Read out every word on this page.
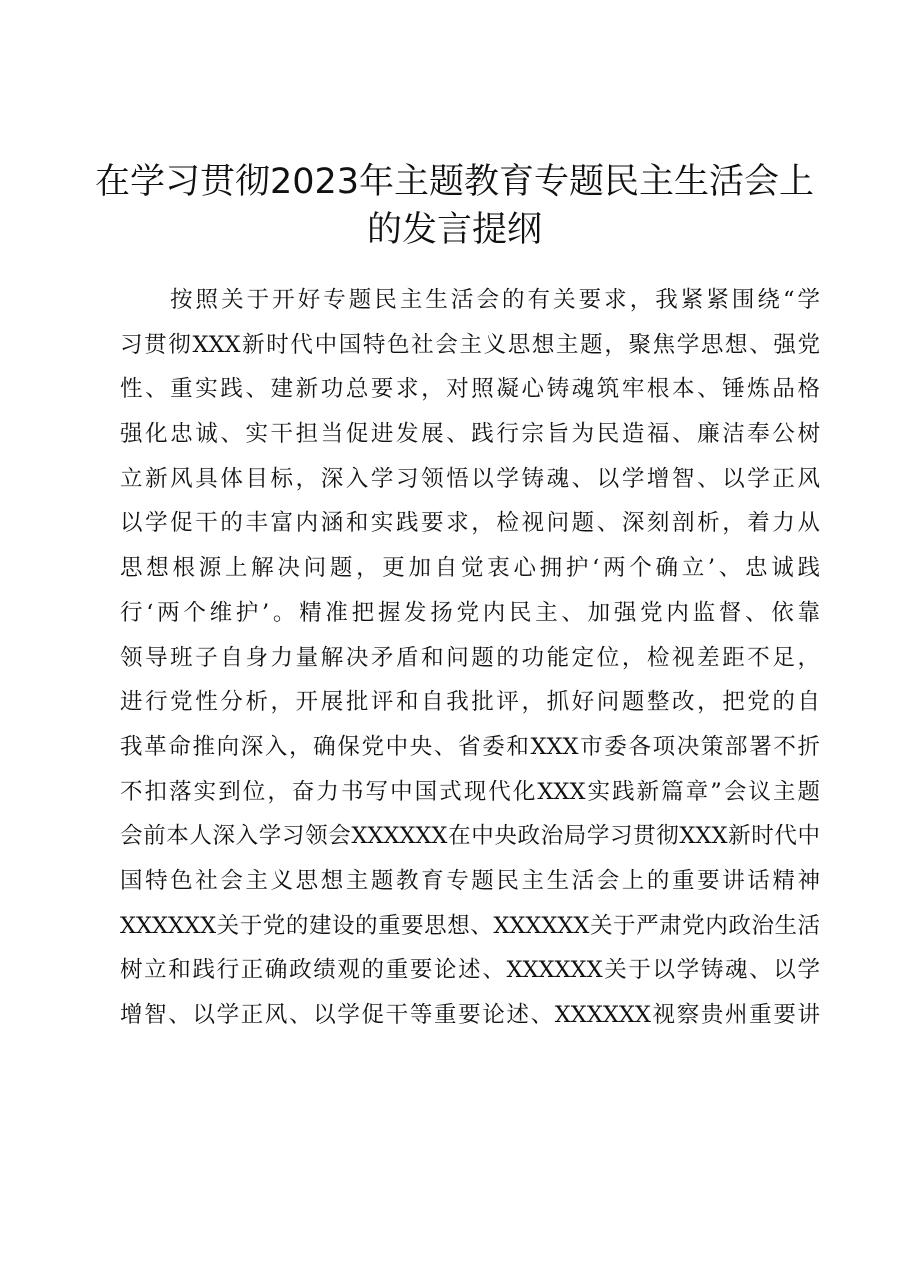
在学习贯彻2023年主题教育专题民主生活会上
的发言提纲
按照关于开好专题民主生活会的有关要求，我紧紧围绕“学
习贯彻XXX新时代中国特色社会主义思想主题，聚焦学思想、强党
性、重实践、建新功总要求，对照凝心铸魂筑牢根本、锤炼品格
强化忠诚、实干担当促进发展、践行宗旨为民造福、廉洁奉公树
立新风具体目标，深入学习领悟以学铸魂、以学增智、以学正风
以学促干的丰富内涵和实践要求，检视问题、深刻剖析，着力从
思想根源上解决问题，更加自觉衷心拥护‘两个确立’、忠诚践
行‘两个维护’。精准把握发扬党内民主、加强党内监督、依靠
领导班子自身力量解决矛盾和问题的功能定位，检视差距不足，
进行党性分析，开展批评和自我批评，抓好问题整改，把党的自
我革命推向深入，确保党中央、省委和XXX市委各项决策部署不折
不扣落实到位，奋力书写中国式现代化XXX实践新篇章”会议主题
会前本人深入学习领会XXXXXX在中央政治局学习贯彻XXX新时代中
国特色社会主义思想主题教育专题民主生活会上的重要讲话精神
XXXXXX关于党的建设的重要思想、XXXXXX关于严肃党内政治生活
树立和践行正确政绩观的重要论述、XXXXXX关于以学铸魂、以学
增智、以学正风、以学促干等重要论述、XXXXXX视察贵州重要讲
